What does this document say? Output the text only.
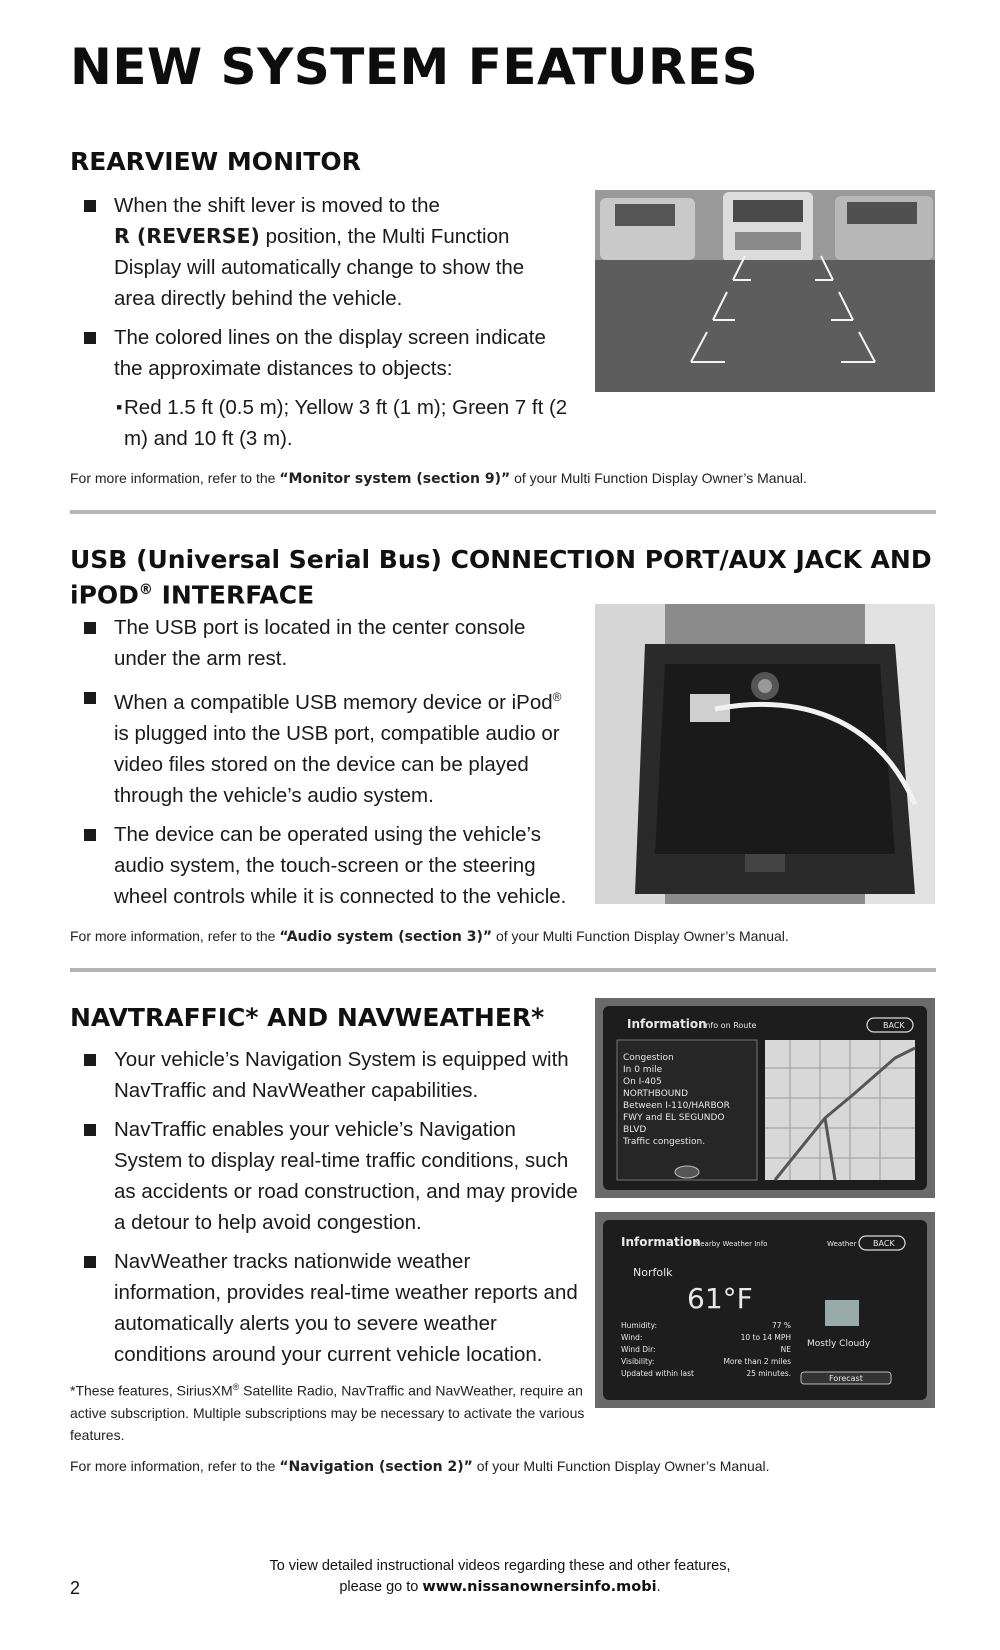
NEW SYSTEM FEATURES
REARVIEW MONITOR
When the shift lever is moved to the
R (REVERSE) position, the Multi Function Display will automatically change to show the area directly behind the vehicle.
The colored lines on the display screen indicate the approximate distances to objects:
▪ Red 1.5 ft (0.5 m); Yellow 3 ft (1 m); Green 7 ft (2 m) and 10 ft (3 m).

For more information, refer to the “Monitor system (section 9)” of your Multi Function Display Owner’s Manual.

USB (Universal Serial Bus) CONNECTION PORT/AUX JACK AND
iPOD® INTERFACE
The USB port is located in the center console under the arm rest.
When a compatible USB memory device or iPod® is plugged into the USB port, compatible audio or video files stored on the device can be played through the vehicle’s audio system.
The device can be operated using the vehicle’s audio system, the touch-screen or the steering wheel controls while it is connected to the vehicle.

For more information, refer to the “Audio system (section 3)” of your Multi Function Display Owner’s Manual.

NAVTRAFFIC* AND NAVWEATHER*
Your vehicle’s Navigation System is equipped with NavTraffic and NavWeather capabilities.
NavTraffic enables your vehicle’s Navigation System to display real-time traffic conditions, such as accidents or road construction, and may provide a detour to help avoid congestion.
NavWeather tracks nationwide weather information, provides real-time weather reports and automatically alerts you to severe weather conditions around your current vehicle location.
Information
Info on Route	BACK
Congestion
In 0 mile
On I-405
NORTHBOUND
Between I-110/HARBOR
FWY and EL SEGUNDO
BLVD
Traffic congestion.
Information
Nearby Weather Info	Weather BACK
Norfolk
61°F
Humidity:	77 %
Wind:	10 to 14 MPH
Wind Dir:	NE
Visibility:	More than 2 miles
Updated within last	25 minutes.
Mostly Cloudy
Forecast

*These features, SiriusXM® Satellite Radio, NavTraffic and NavWeather, require an active subscription. Multiple subscriptions may be necessary to activate the various features.

For more information, refer to the “Navigation (section 2)” of your Multi Function Display Owner’s Manual.

To view detailed instructional videos regarding these and other features,
please go to www.nissanownersinfo.mobi.
2
